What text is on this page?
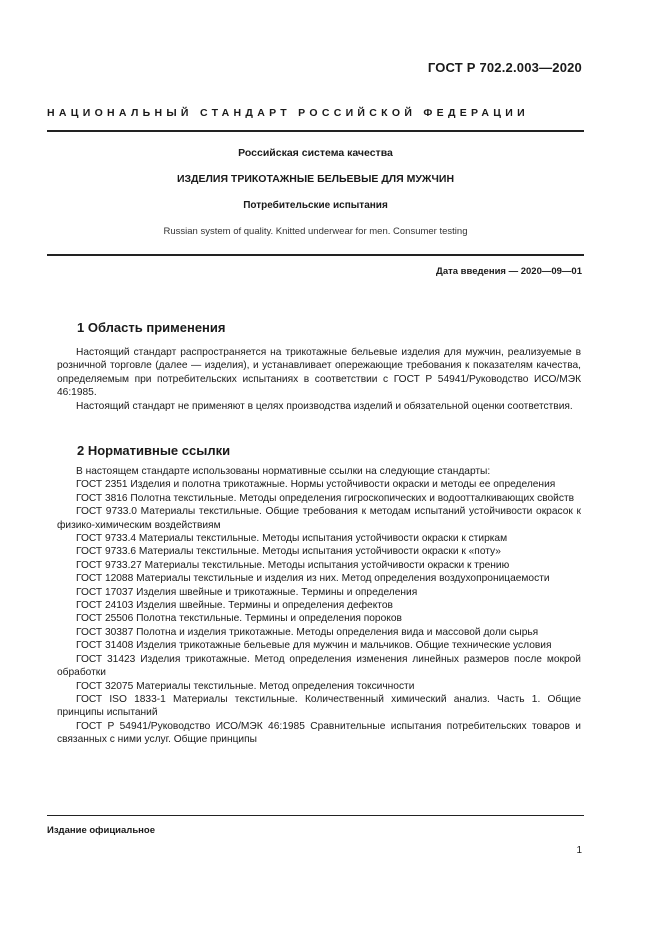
ГОСТ Р 702.2.003—2020
НАЦИОНАЛЬНЫЙ СТАНДАРТ РОССИЙСКОЙ ФЕДЕРАЦИИ
Российская система качества
ИЗДЕЛИЯ ТРИКОТАЖНЫЕ БЕЛЬЕВЫЕ ДЛЯ МУЖЧИН
Потребительские испытания
Russian system of quality. Knitted underwear for men. Consumer testing
Дата введения — 2020—09—01
1 Область применения

Настоящий стандарт распространяется на трикотажные бельевые изделия для мужчин, реализуемые в розничной торговле (далее — изделия), и устанавливает опережающие требования к показателям качества, определяемым при потребительских испытаниях в соответствии с ГОСТ Р 54941/Руководство ИСО/МЭК 46:1985.

Настоящий стандарт не применяют в целях производства изделий и обязательной оценки соответствия.

2 Нормативные ссылки

В настоящем стандарте использованы нормативные ссылки на следующие стандарты:

ГОСТ 2351 Изделия и полотна трикотажные. Нормы устойчивости окраски и методы ее определения

ГОСТ 3816 Полотна текстильные. Методы определения гигроскопических и водоотталкивающих свойств

ГОСТ 9733.0 Материалы текстильные. Общие требования к методам испытаний устойчивости окрасок к физико-химическим воздействиям

ГОСТ 9733.4 Материалы текстильные. Методы испытания устойчивости окраски к стиркам

ГОСТ 9733.6 Материалы текстильные. Методы испытания устойчивости окраски к «поту»

ГОСТ 9733.27 Материалы текстильные. Методы испытания устойчивости окраски к трению

ГОСТ 12088 Материалы текстильные и изделия из них. Метод определения воздухопроницаемости

ГОСТ 17037 Изделия швейные и трикотажные. Термины и определения

ГОСТ 24103 Изделия швейные. Термины и определения дефектов

ГОСТ 25506 Полотна текстильные. Термины и определения пороков

ГОСТ 30387 Полотна и изделия трикотажные. Методы определения вида и массовой доли сырья

ГОСТ 31408 Изделия трикотажные бельевые для мужчин и мальчиков. Общие технические условия

ГОСТ 31423 Изделия трикотажные. Метод определения изменения линейных размеров после мокрой обработки

ГОСТ 32075 Материалы текстильные. Метод определения токсичности

ГОСТ ISO 1833-1 Материалы текстильные. Количественный химический анализ. Часть 1. Общие принципы испытаний

ГОСТ Р 54941/Руководство ИСО/МЭК 46:1985 Сравнительные испытания потребительских товаров и связанных с ними услуг. Общие принципы

Издание официальное
1
